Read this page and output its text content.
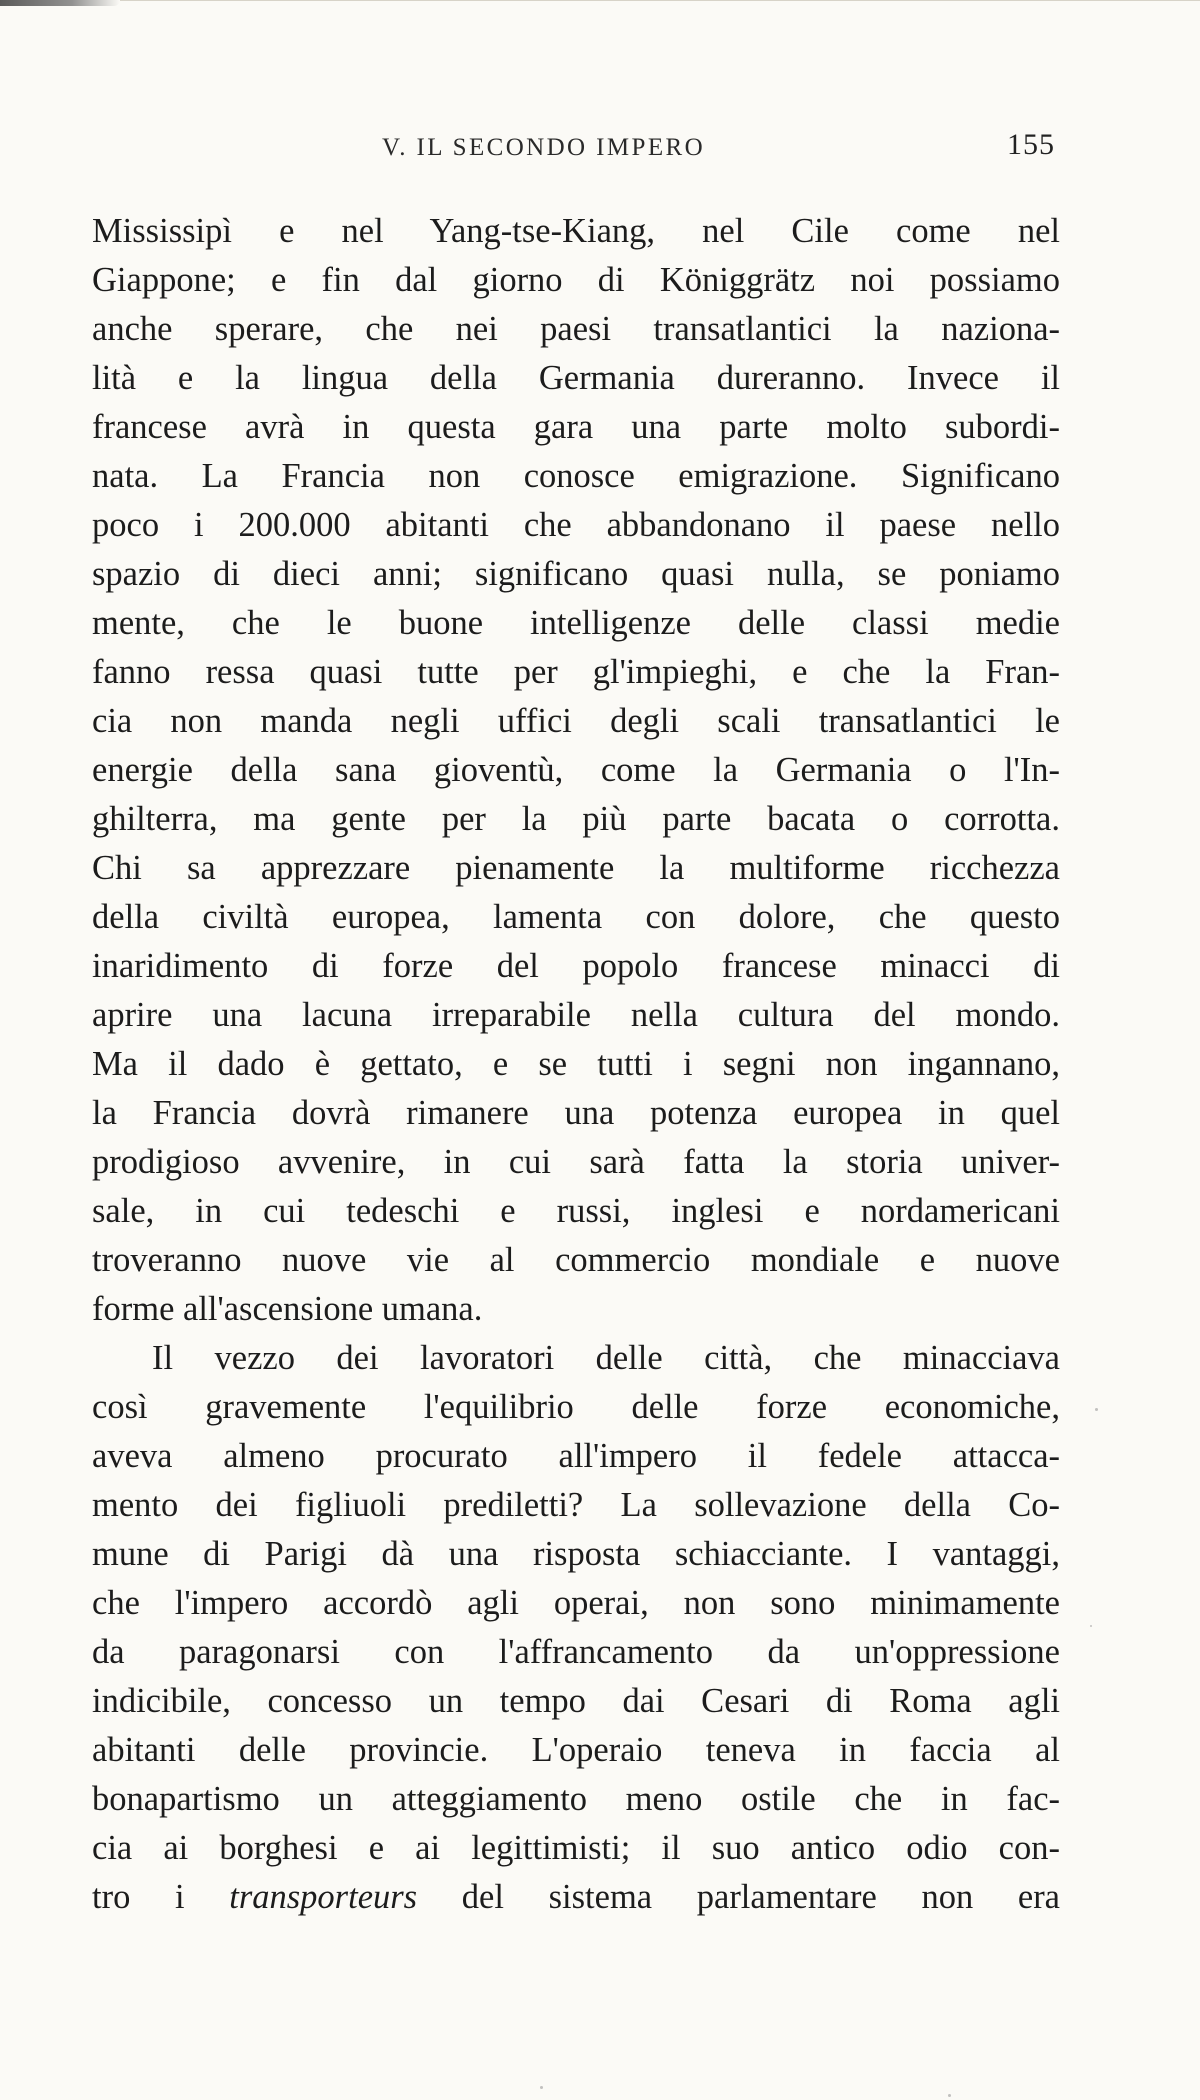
V. IL SECONDO IMPERO	155
Mississipì e nel Yang-tse-Kiang, nel Cile come nel
Giappone; e fin dal giorno di Königgrätz noi possiamo
anche sperare, che nei paesi transatlantici la naziona-
lità e la lingua della Germania dureranno. Invece il
francese avrà in questa gara una parte molto subordi-
nata. La Francia non conosce emigrazione. Significano
poco i 200.000 abitanti che abbandonano il paese nello
spazio di dieci anni; significano quasi nulla, se poniamo
mente, che le buone intelligenze delle classi medie
fanno ressa quasi tutte per gl'impieghi, e che la Fran-
cia non manda negli uffici degli scali transatlantici le
energie della sana gioventù, come la Germania o l'In-
ghilterra, ma gente per la più parte bacata o corrotta.
Chi sa apprezzare pienamente la multiforme ricchezza
della civiltà europea, lamenta con dolore, che questo
inaridimento di forze del popolo francese minacci di
aprire una lacuna irreparabile nella cultura del mondo.
Ma il dado è gettato, e se tutti i segni non ingannano,
la Francia dovrà rimanere una potenza europea in quel
prodigioso avvenire, in cui sarà fatta la storia univer-
sale, in cui tedeschi e russi, inglesi e nordamericani
troveranno nuove vie al commercio mondiale e nuove
forme all'ascensione umana.
Il vezzo dei lavoratori delle città, che minacciava
così gravemente l'equilibrio delle forze economiche,
aveva almeno procurato all'impero il fedele attacca-
mento dei figliuoli prediletti? La sollevazione della Co-
mune di Parigi dà una risposta schiacciante. I vantaggi,
che l'impero accordò agli operai, non sono minimamente
da paragonarsi con l'affrancamento da un'oppressione
indicibile, concesso un tempo dai Cesari di Roma agli
abitanti delle provincie. L'operaio teneva in faccia al
bonapartismo un atteggiamento meno ostile che in fac-
cia ai borghesi e ai legittimisti; il suo antico odio con-
tro i transporteurs del sistema parlamentare non era
